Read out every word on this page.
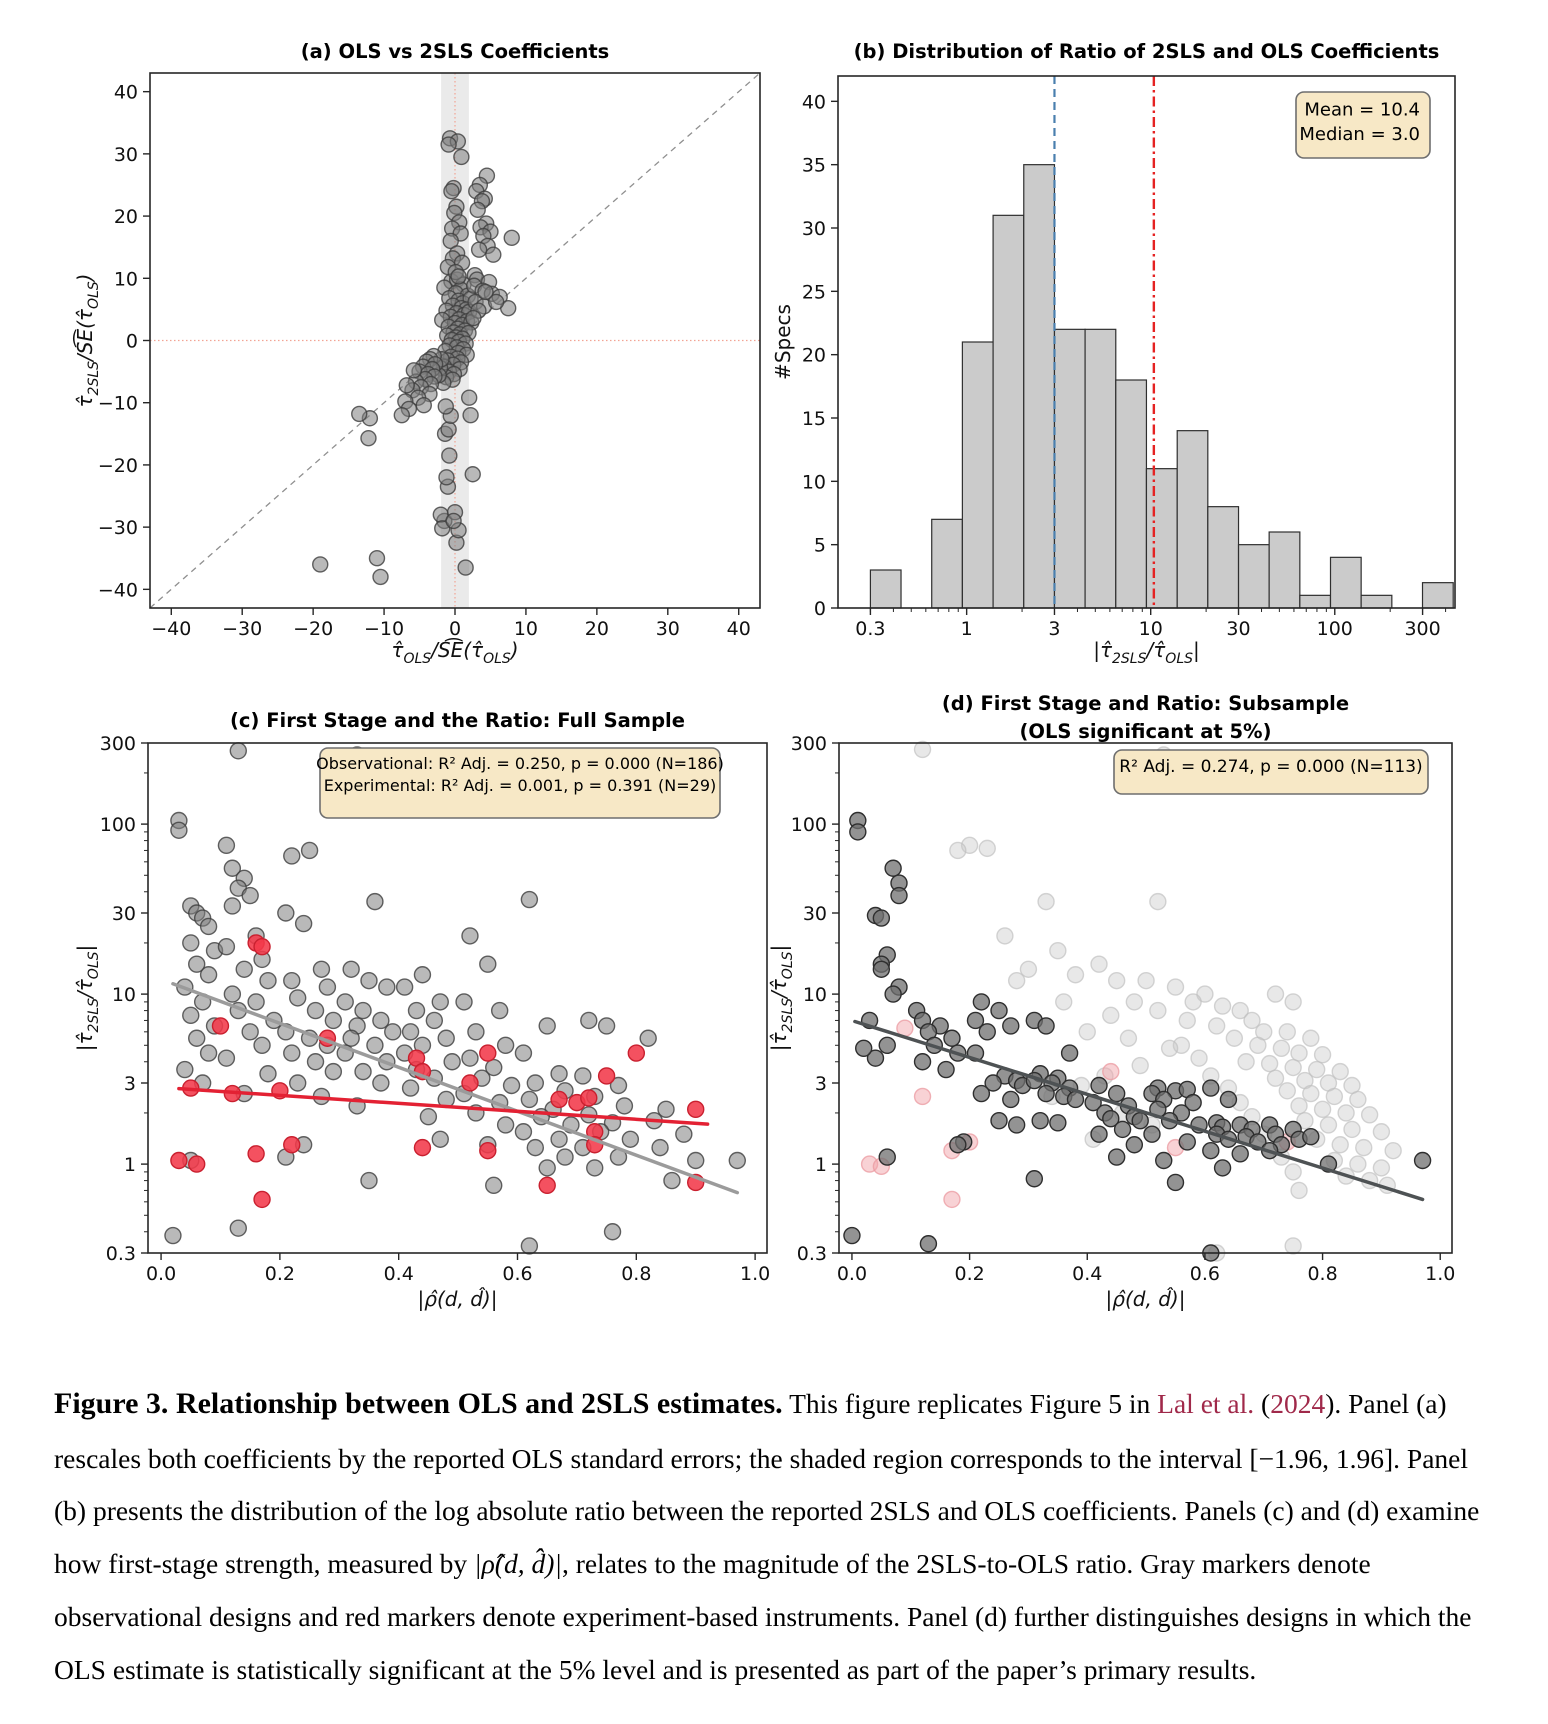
−40 −30 −20 −10 0	10 20 30 40
−40
−30
−20
−10
0
10
20
30
40
$\taû_{OLS}/S͡E(\taû_{OLS})$
$\taû_{2SLS}/S͡E(\taû_{OLS})$
(a) OLS vs 2SLS Coefficients
0.3	1	3	10	30	100	300
0
5
10
15
20
25
30
35
40
$|\taû_{2SLS}/\taû_{OLS}|$
#Specs
(b) Distribution of Ratio of 2SLS and OLS Coefficients
Mean = 10.4
Median = 3.0
0.0	0.2	0.4	0.6	0.8	1.0
0.3
1
3
10
30
100
300
|ρ̂(d, d̂)|
$|\taû_{2SLS}/\taû_{OLS}|$
(c) First Stage and the Ratio: Full Sample
Observational: R² Adj. = 0.250, p = 0.000 (N=186)
Experimental: R² Adj. = 0.001, p = 0.391 (N=29)
0.0	0.2	0.4	0.6	0.8	1.0
0.3
1
3
10
30
100
300
|ρ̂(d, d̂)|
$|\taû_{2SLS}/\taû_{OLS}|$
(d) First Stage and Ratio: Subsample
(OLS significant at 5%)
R² Adj. = 0.274, p = 0.000 (N=113)
Figure 3. Relationship between OLS and 2SLS estimates. This figure replicates Figure 5 in Lal et al. (2024). Panel (a) rescales both coefficients by the reported OLS standard errors; the shaded region corresponds to the interval [−1.96, 1.96]. Panel (b) presents the distribution of the log absolute ratio between the reported 2SLS and OLS coefficients. Panels (c) and (d) examine how first-stage strength, measured by |ρ̂(d, d̂)|, relates to the magnitude of the 2SLS-to-OLS ratio. Gray markers denote observational designs and red markers denote experiment-based instruments. Panel (d) further distinguishes designs in which the OLS estimate is statistically significant at the 5% level and is presented as part of the paper’s primary results.
